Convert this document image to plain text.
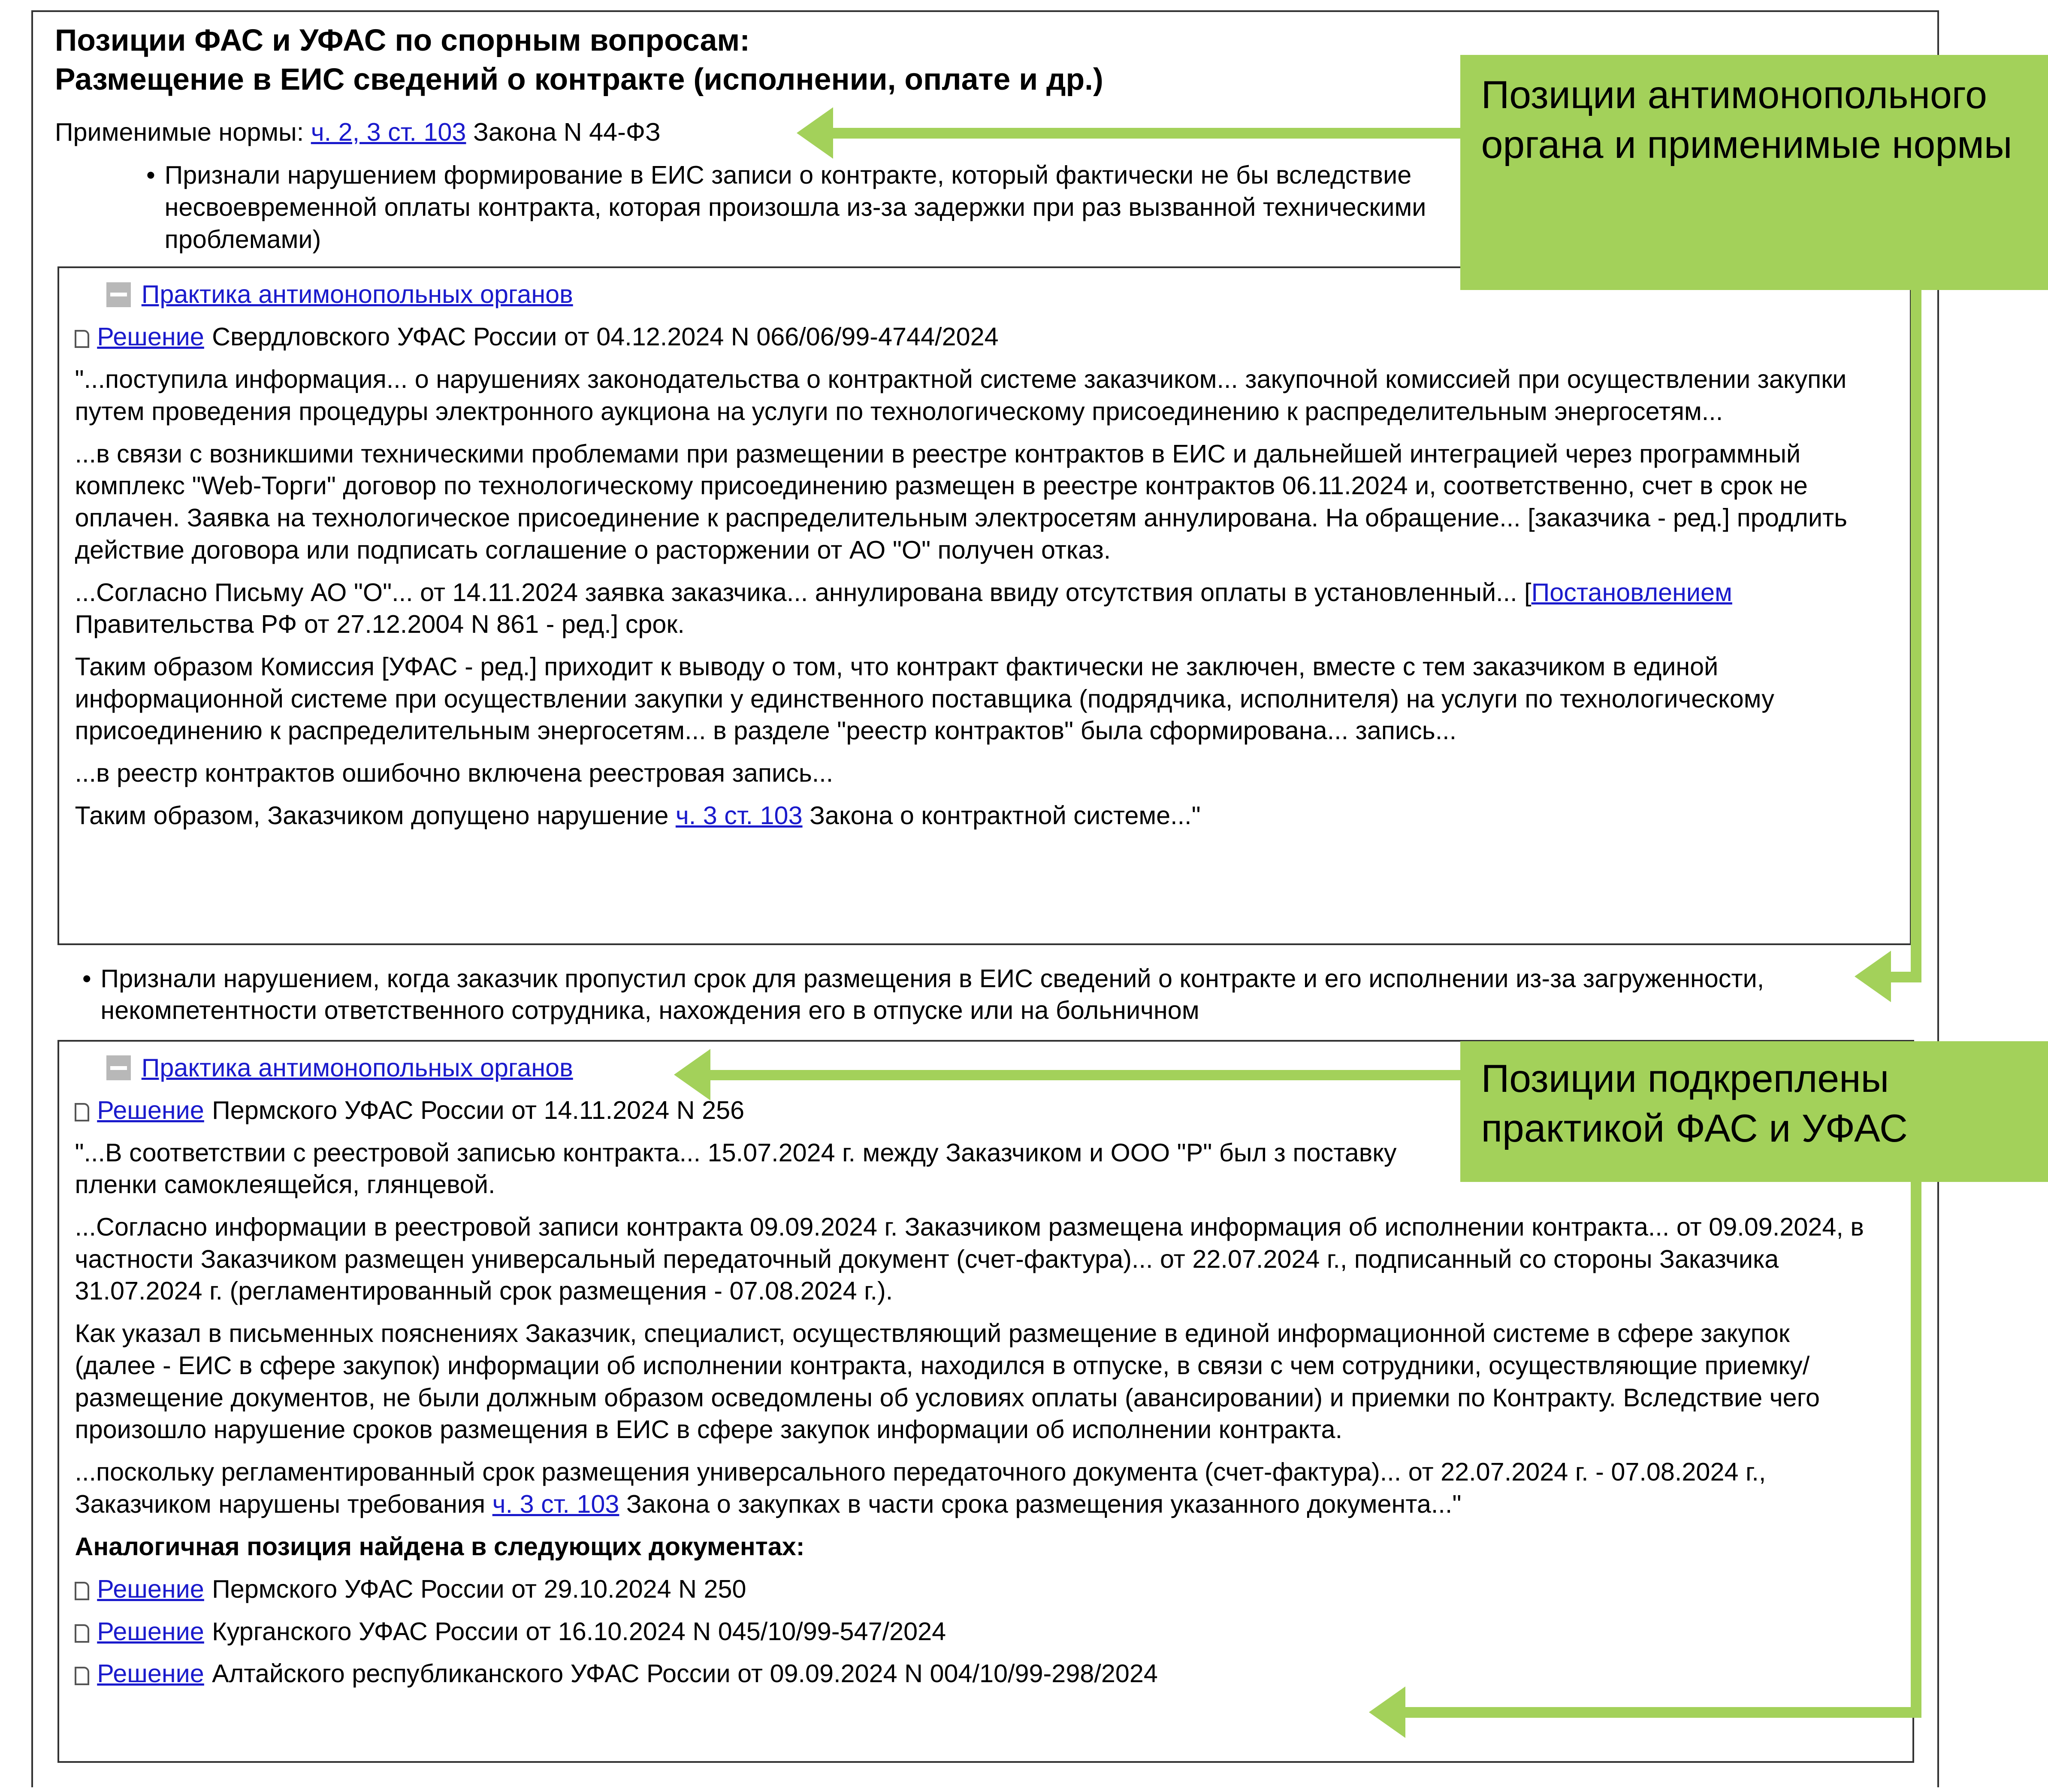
Позиции ФАС и УФАС по спорным вопросам:
Размещение в ЕИС сведений о контракте (исполнении, оплате и др.)
Применимые нормы: ч. 2, 3 ст. 103 Закона N 44-ФЗ
• Признали нарушением формирование в ЕИС записи о контракте, который фактически не бы вследствие несвоевременной оплаты контракта, которая произошла из-за задержки при раз вызванной техническими проблемами)
Практика антимонопольных органов
Решение Свердловского УФАС России от 04.12.2024 N 066/06/99-4744/2024

"...поступила информация... о нарушениях законодательства о контрактной системе заказчиком... закупочной комиссией при осуществлении закупки путем проведения процедуры электронного аукциона на услуги по технологическому присоединению к распределительным энергосетям...

...в связи с возникшими техническими проблемами при размещении в реестре контрактов в ЕИС и дальнейшей интеграцией через программный комплекс "Web-Торги" договор по технологическому присоединению размещен в реестре контрактов 06.11.2024 и, соответственно, счет в срок не оплачен. Заявка на технологическое присоединение к распределительным электросетям аннулирована. На обращение... [заказчика - ред.] продлить действие договора или подписать соглашение о расторжении от АО "О" получен отказ.

...Согласно Письму АО "О"... от 14.11.2024 заявка заказчика... аннулирована ввиду отсутствия оплаты в установленный... [Постановлением Правительства РФ от 27.12.2004 N 861 - ред.] срок.

Таким образом Комиссия [УФАС - ред.] приходит к выводу о том, что контракт фактически не заключен, вместе с тем заказчиком в единой информационной системе при осуществлении закупки у единственного поставщика (подрядчика, исполнителя) на услуги по технологическому присоединению к распределительным энергосетям... в разделе "реестр контрактов" была сформирована... запись...

...в реестр контрактов ошибочно включена реестровая запись...

Таким образом, Заказчиком допущено нарушение ч. 3 ст. 103 Закона о контрактной системе..."

• Признали нарушением, когда заказчик пропустил срок для размещения в ЕИС сведений о контракте и его исполнении из-за загруженности, некомпетентности ответственного сотрудника, нахождения его в отпуске или на больничном
Практика антимонопольных органов
Решение Пермского УФАС России от 14.11.2024 N 256

"...В соответствии с реестровой записью контракта... 15.07.2024 г. между Заказчиком и ООО "Р" был з поставку пленки самоклеящейся, глянцевой.

...Согласно информации в реестровой записи контракта 09.09.2024 г. Заказчиком размещена информация об исполнении контракта... от 09.09.2024, в частности Заказчиком размещен универсальный передаточный документ (счет-фактура)... от 22.07.2024 г., подписанный со стороны Заказчика 31.07.2024 г. (регламентированный срок размещения - 07.08.2024 г.).

Как указал в письменных пояснениях Заказчик, специалист, осуществляющий размещение в единой информационной системе в сфере закупок (далее - ЕИС в сфере закупок) информации об исполнении контракта, находился в отпуске, в связи с чем сотрудники, осуществляющие приемку/размещение документов, не были должным образом осведомлены об условиях оплаты (авансировании) и приемки по Контракту. Вследствие чего произошло нарушение сроков размещения в ЕИС в сфере закупок информации об исполнении контракта.

...поскольку регламентированный срок размещения универсального передаточного документа (счет-фактура)... от 22.07.2024 г. - 07.08.2024 г., Заказчиком нарушены требования ч. 3 ст. 103 Закона о закупках в части срока размещения указанного документа..."

Аналогичная позиция найдена в следующих документах:
Решение Пермского УФАС России от 29.10.2024 N 250
Решение Курганского УФАС России от 16.10.2024 N 045/10/99-547/2024
Решение Алтайского республиканского УФАС России от 09.09.2024 N 004/10/99-298/2024
Позиции антимонопольного органа и применимые нормы
Позиции подкреплены практикой ФАС и УФАС
